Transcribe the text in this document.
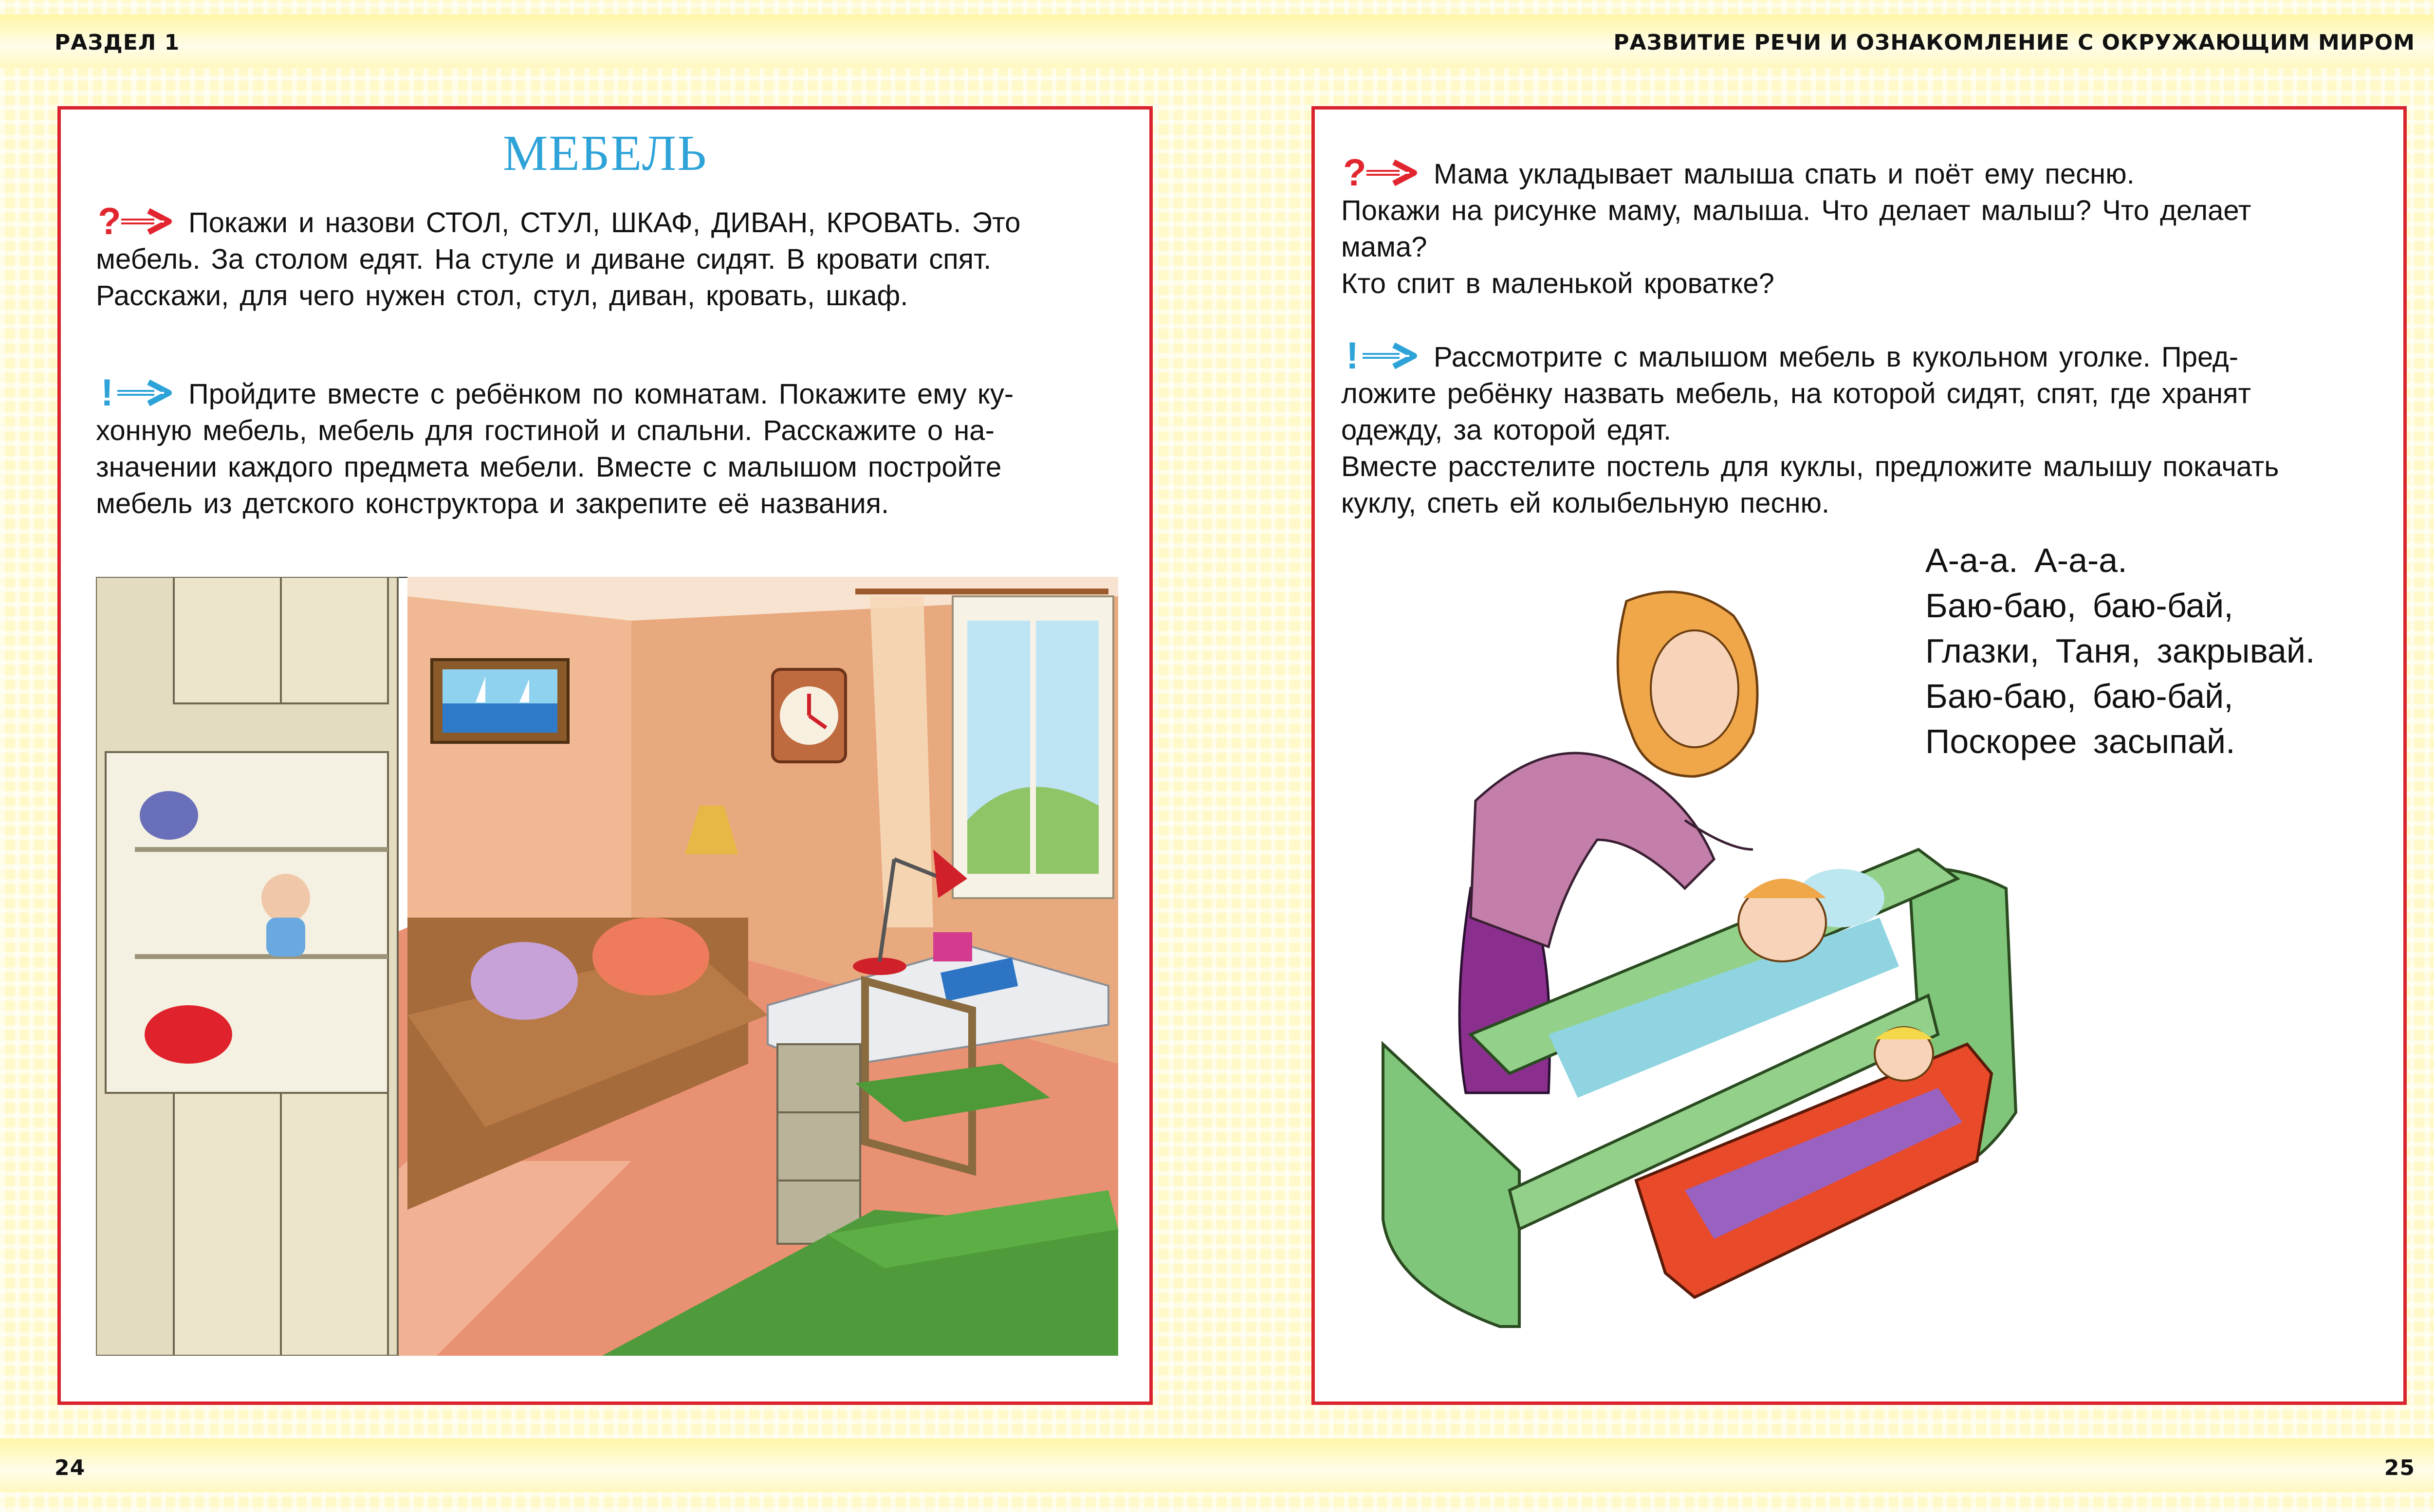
РАЗДЕЛ 1	РАЗВИТИЕ РЕЧИ И ОЗНАКОМЛЕНИЕ С ОКРУЖАЮЩИМ МИРОМ
24	25
МЕБЕЛЬ
? Покажи и назови СТОЛ, СТУЛ, ШКАФ, ДИВАН, КРОВАТЬ. Это
мебель. За столом едят. На стуле и диване сидят. В кровати спят.
Расскажи, для чего нужен стол, стул, диван, кровать, шкаф.
!	Пройдите вместе с ребёнком по комнатам. Покажите ему ку-
хонную мебель, мебель для гостиной и спальни. Расскажите о на-
значении каждого предмета мебели. Вместе с малышом постройте
мебель из детского конструктора и закрепите её названия.
? Мама укладывает малыша спать и поёт ему песню.
Покажи на рисунке маму, малыша. Что делает малыш? Что делает
мама?
Кто спит в маленькой кроватке?
!	Рассмотрите с малышом мебель в кукольном уголке. Пред-
ложите ребёнку назвать мебель, на которой сидят, спят, где хранят
одежду, за которой едят.
Вместе расстелите постель для куклы, предложите малышу покачать
куклу, спеть ей колыбельную песню.
А-а-а. А-а-а.
Баю-баю, баю-бай,
Глазки, Таня, закрывай.
Баю-баю, баю-бай,
Поскорее засыпай.
